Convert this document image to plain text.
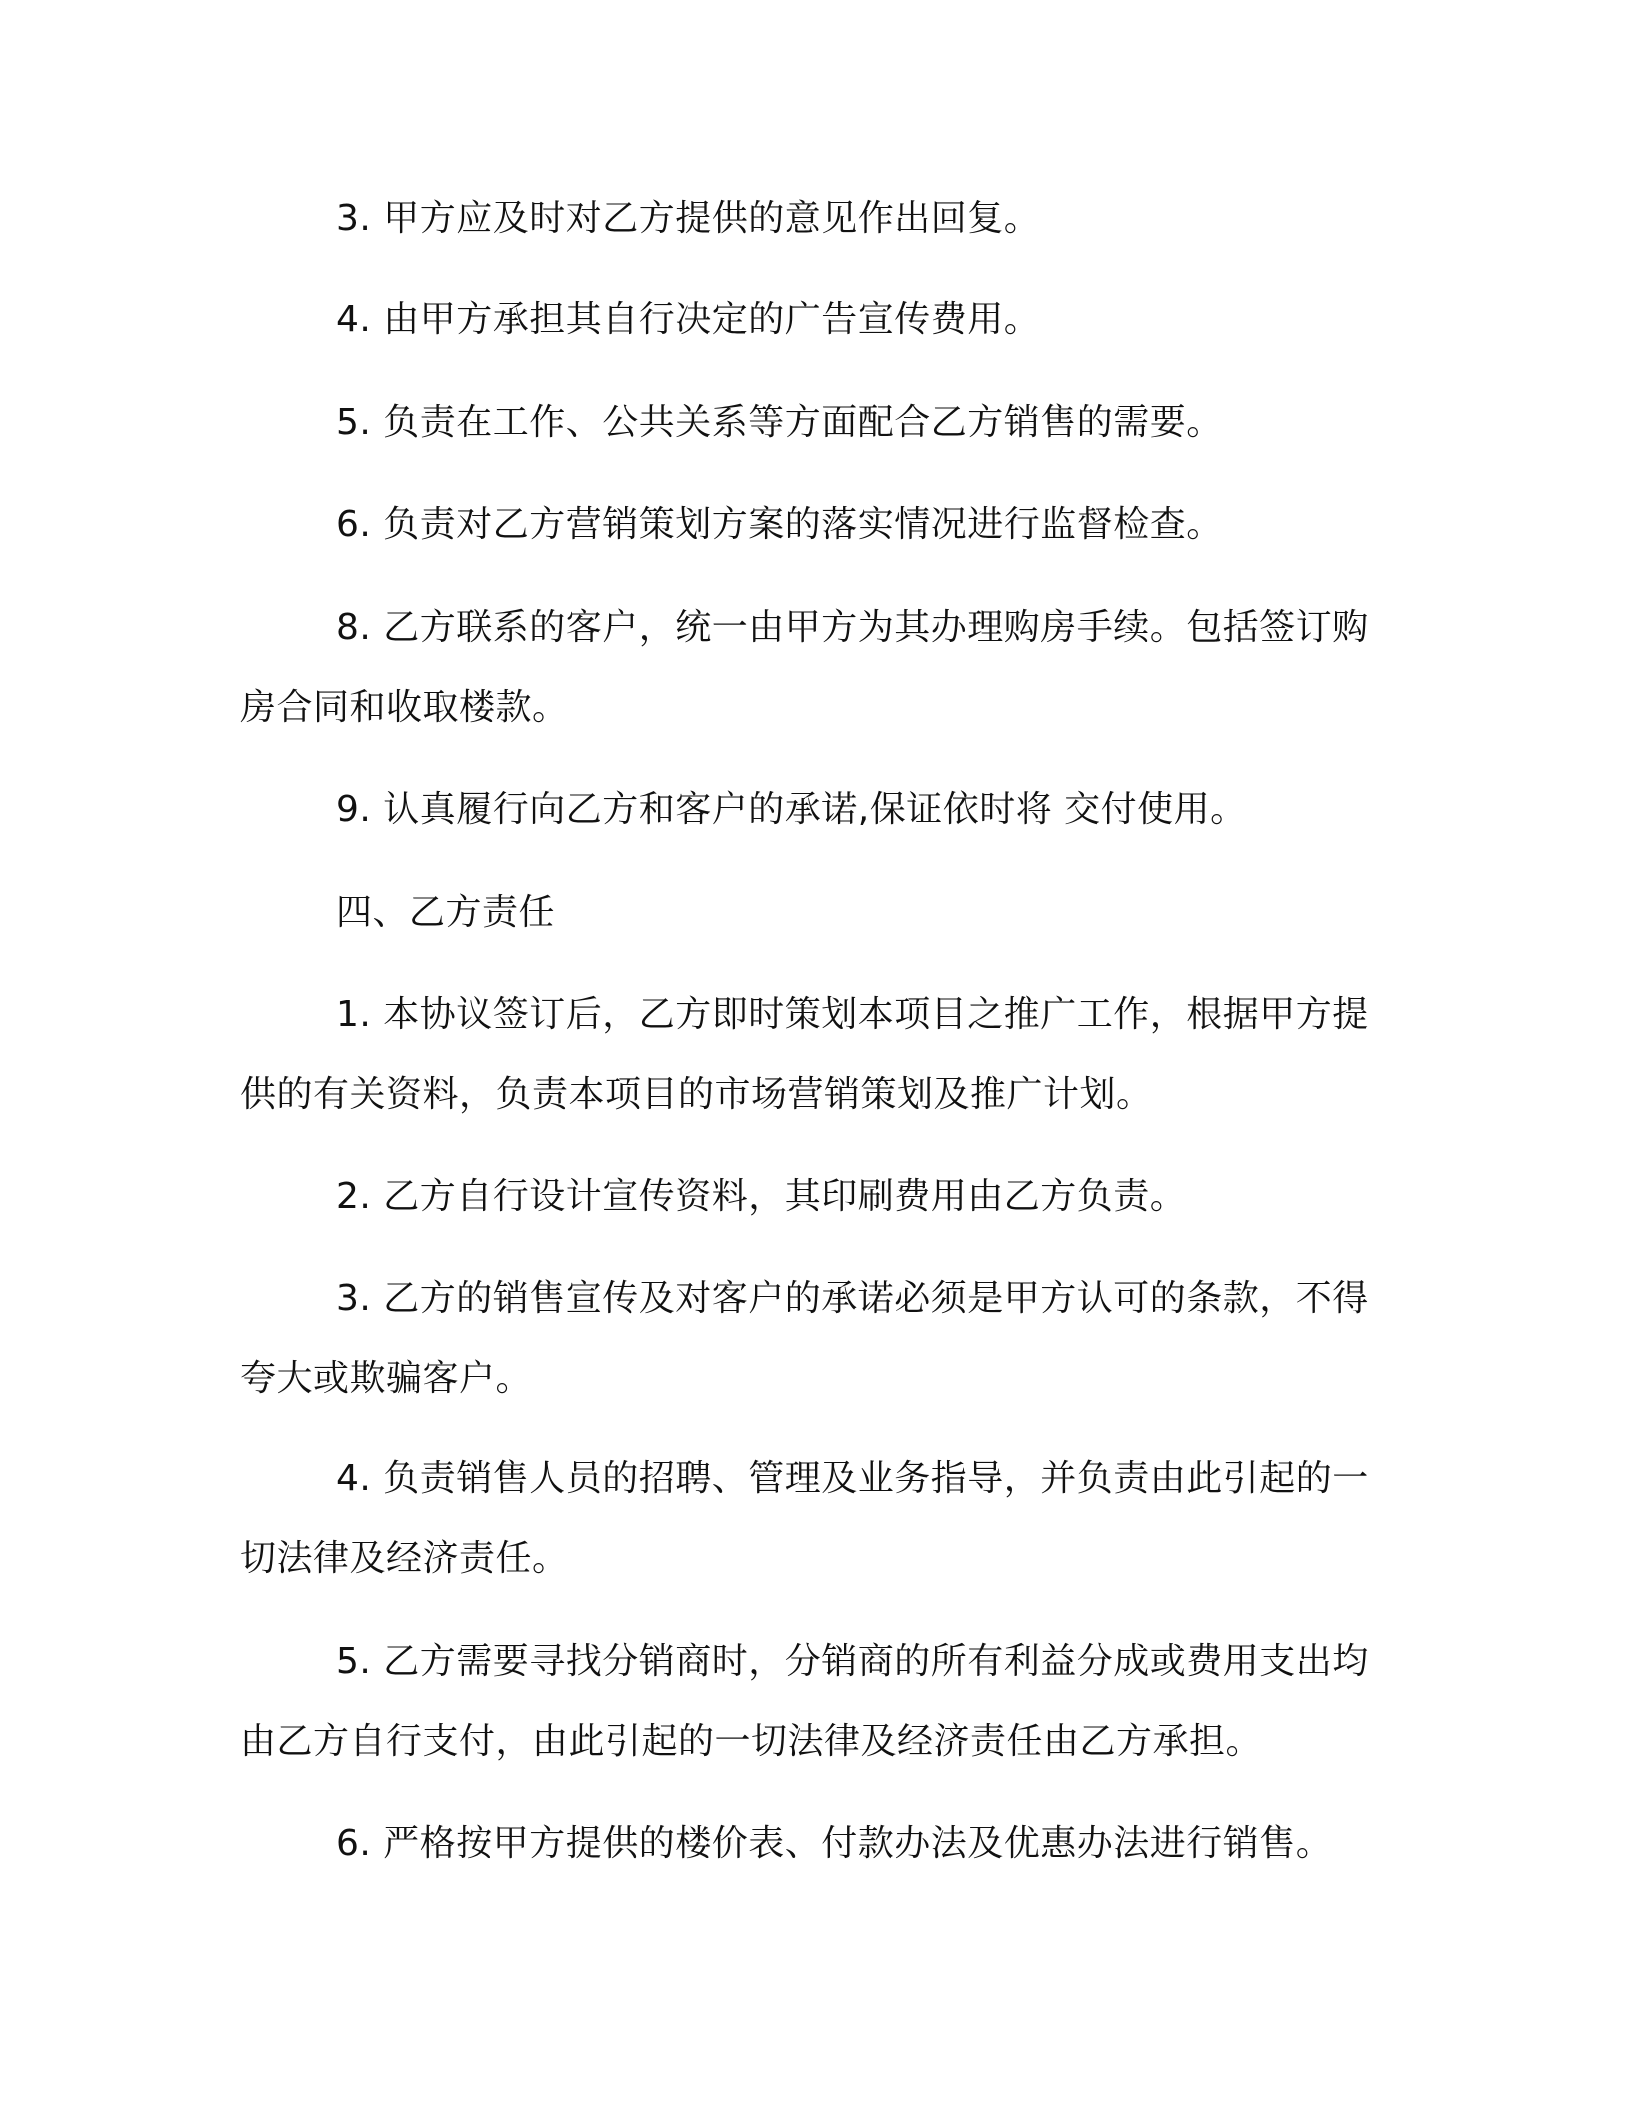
3. 甲方应及时对乙方提供的意见作出回复。

4. 由甲方承担其自行决定的广告宣传费用。

5. 负责在工作、公共关系等方面配合乙方销售的需要。

6. 负责对乙方营销策划方案的落实情况进行监督检查。

8. 乙方联系的客户，统一由甲方为其办理购房手续。包括签订购房合同和收取楼款。

9. 认真履行向乙方和客户的承诺,保证依时将 交付使用。

四、乙方责任

1. 本协议签订后，乙方即时策划本项目之推广工作，根据甲方提供的有关资料，负责本项目的市场营销策划及推广计划。

2. 乙方自行设计宣传资料，其印刷费用由乙方负责。

3. 乙方的销售宣传及对客户的承诺必须是甲方认可的条款，不得夸大或欺骗客户。

4. 负责销售人员的招聘、管理及业务指导，并负责由此引起的一切法律及经济责任。

5. 乙方需要寻找分销商时，分销商的所有利益分成或费用支出均由乙方自行支付，由此引起的一切法律及经济责任由乙方承担。

6. 严格按甲方提供的楼价表、付款办法及优惠办法进行销售。
